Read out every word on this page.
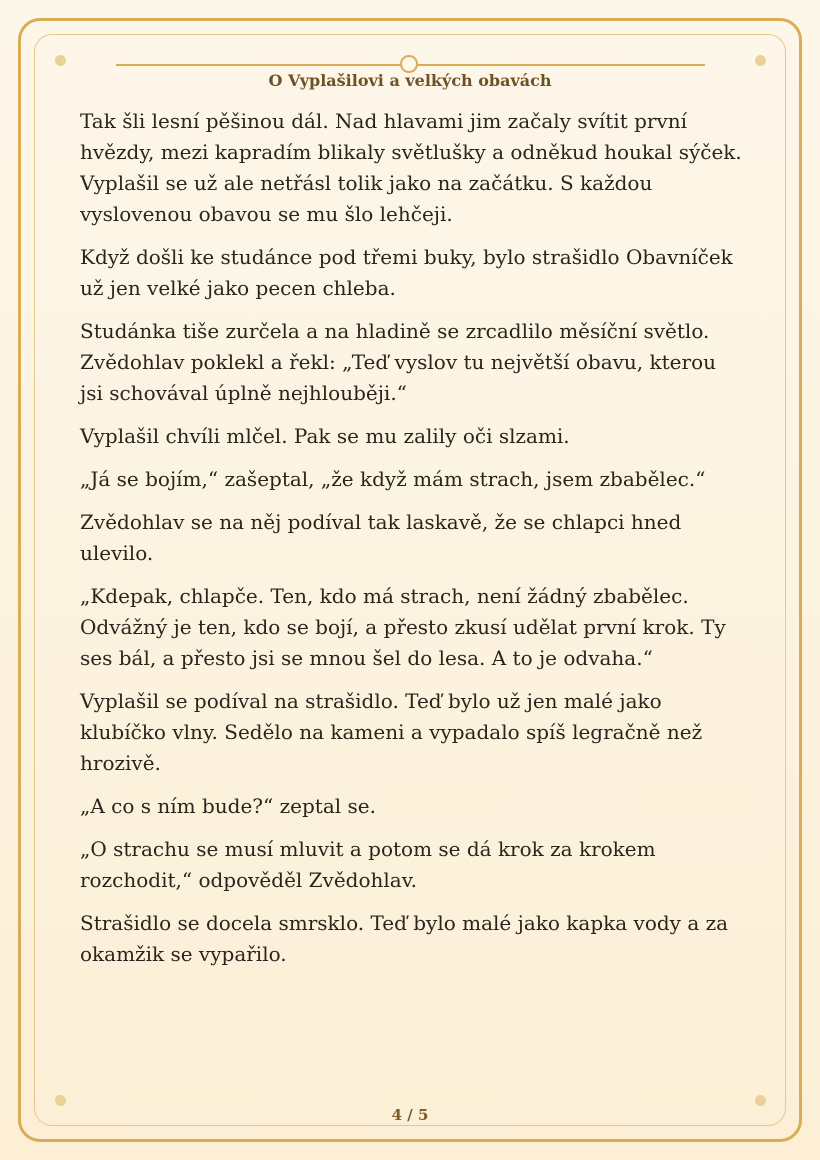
O Vyplašilovi a velkých obavách

Tak šli lesní pěšinou dál. Nad hlavami jim začaly svítit první hvězdy, mezi kapradím blikaly světlušky a odněkud houkal sýček. Vyplašil se už ale netřásl tolik jako na začátku. S každou vyslovenou obavou se mu šlo lehčeji.

Když došli ke studánce pod třemi buky, bylo strašidlo Obavníček už jen velké jako pecen chleba.

Studánka tiše zurčela a na hladině se zrcadlilo měsíční světlo. Zvědohlav poklekl a řekl: „Teď vyslov tu největší obavu, kterou jsi schovával úplně nejhlouběji.“

Vyplašil chvíli mlčel. Pak se mu zalily oči slzami.

„Já se bojím,“ zašeptal, „že když mám strach, jsem zbabělec.“

Zvědohlav se na něj podíval tak laskavě, že se chlapci hned ulevilo.

„Kdepak, chlapče. Ten, kdo má strach, není žádný zbabělec. Odvážný je ten, kdo se bojí, a přesto zkusí udělat první krok. Ty ses bál, a přesto jsi se mnou šel do lesa. A to je odvaha.“

Vyplašil se podíval na strašidlo. Teď bylo už jen malé jako klubíčko vlny. Sedělo na kameni a vypadalo spíš legračně než hrozivě.

„A co s ním bude?“ zeptal se.

„O strachu se musí mluvit a potom se dá krok za krokem rozchodit,“ odpověděl Zvědohlav.

Strašidlo se docela smrsklo. Teď bylo malé jako kapka vody a za okamžik se vypařilo.

4 / 5
